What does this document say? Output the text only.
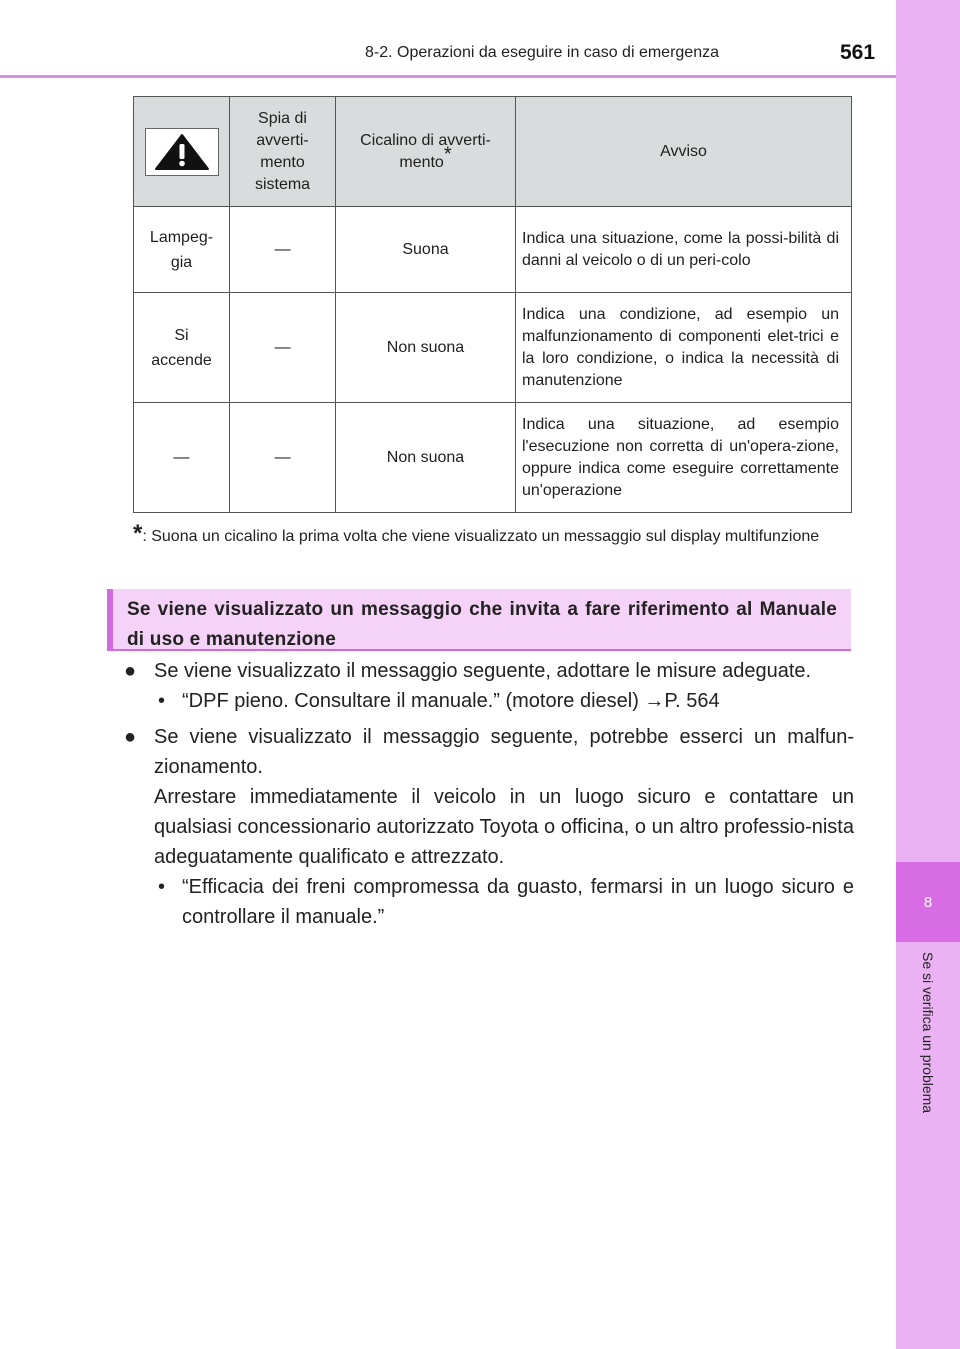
8
Se si verifica un problema
8-2. Operazioni da eseguire in caso di emergenza	561
	Spia di avverti-mento sistema	Cicalino di avverti-mento*	Avviso
Lampeg-gia	—	Suona	Indica una situazione, come la possi-bilità di danni al veicolo o di un peri-colo
Si accende	—	Non suona	Indica una condizione, ad esempio un malfunzionamento di componenti elet-trici e la loro condizione, o indica la necessità di manutenzione
—	—	Non suona	Indica una situazione, ad esempio l'esecuzione non corretta di un'opera-zione, oppure indica come eseguire correttamente un'operazione
*: Suona un cicalino la prima volta che viene visualizzato un messaggio sul display multifunzione
Se viene visualizzato un messaggio che invita a fare riferimento al Manuale di uso e manutenzione
● Se viene visualizzato il messaggio seguente, adottare le misure adeguate.
• “DPF pieno. Consultare il manuale.” (motore diesel) →P. 564
● Se viene visualizzato il messaggio seguente, potrebbe esserci un malfun-zionamento.
Arrestare immediatamente il veicolo in un luogo sicuro e contattare un qualsiasi concessionario autorizzato Toyota o officina, o un altro professio-nista adeguatamente qualificato e attrezzato.
• “Efficacia dei freni compromessa da guasto, fermarsi in un luogo sicuro e controllare il manuale.”
